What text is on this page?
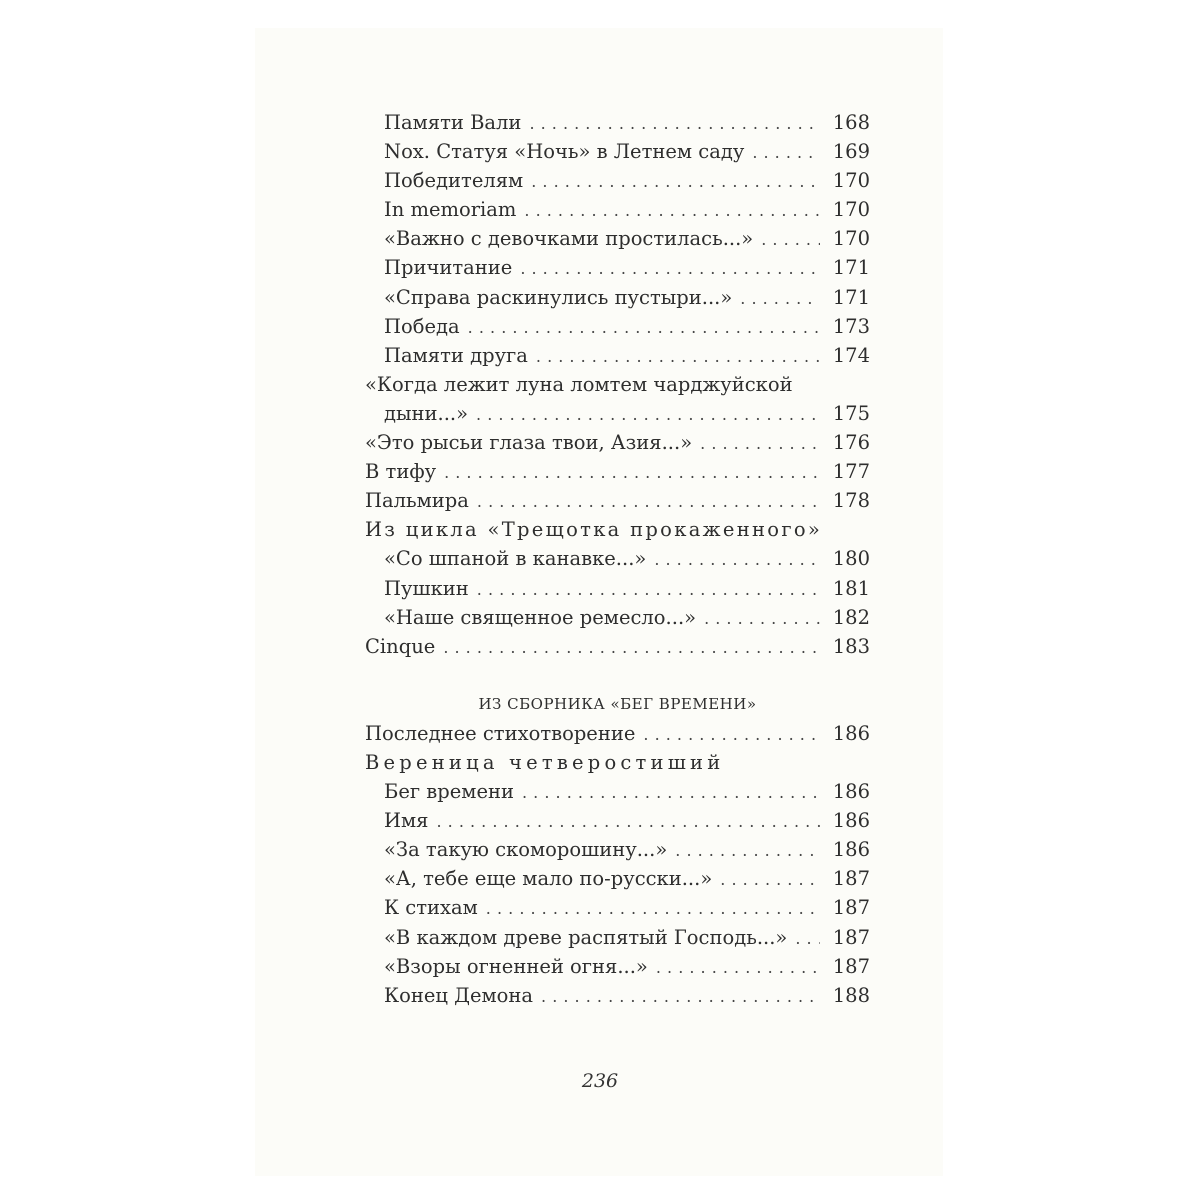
Памяти Вали . . .	168
Nox. Статуя «Ночь» в Летнем саду . . .	169
Победителям . . .	170
In memoriam . . .	170
«Важно с девочками простилась...» . . .	170
Причитание . . .	171
«Справа раскинулись пустыри...» . . .	171
Победа . . .	173
Памяти друга . . .	174
«Когда лежит луна ломтем чарджуйской
дыни...» . . .	175
«Это рысьи глаза твои, Азия...» . . .	176
В тифу . . .	177
Пальмира . . .	178
Из цикла «Трещотка прокаженного»
«Со шпаной в канавке...» . . .	180
Пушкин . . .	181
«Наше священное ремесло...» . . .	182
Cinque . . .	183
ИЗ СБОРНИКА «БЕГ ВРЕМЕНИ»
Последнее стихотворение . . .	186
Вереница четверостиший
Бег времени . . .	186
Имя . . .	186
«За такую скоморошину...» . . .	186
«А, тебе еще мало по-русски...» . . .	187
К стихам . . .	187
«В каждом древе распятый Господь...» . . . 187
«Взоры огненней огня...» . . .	187
Конец Демона . . .	188
236
